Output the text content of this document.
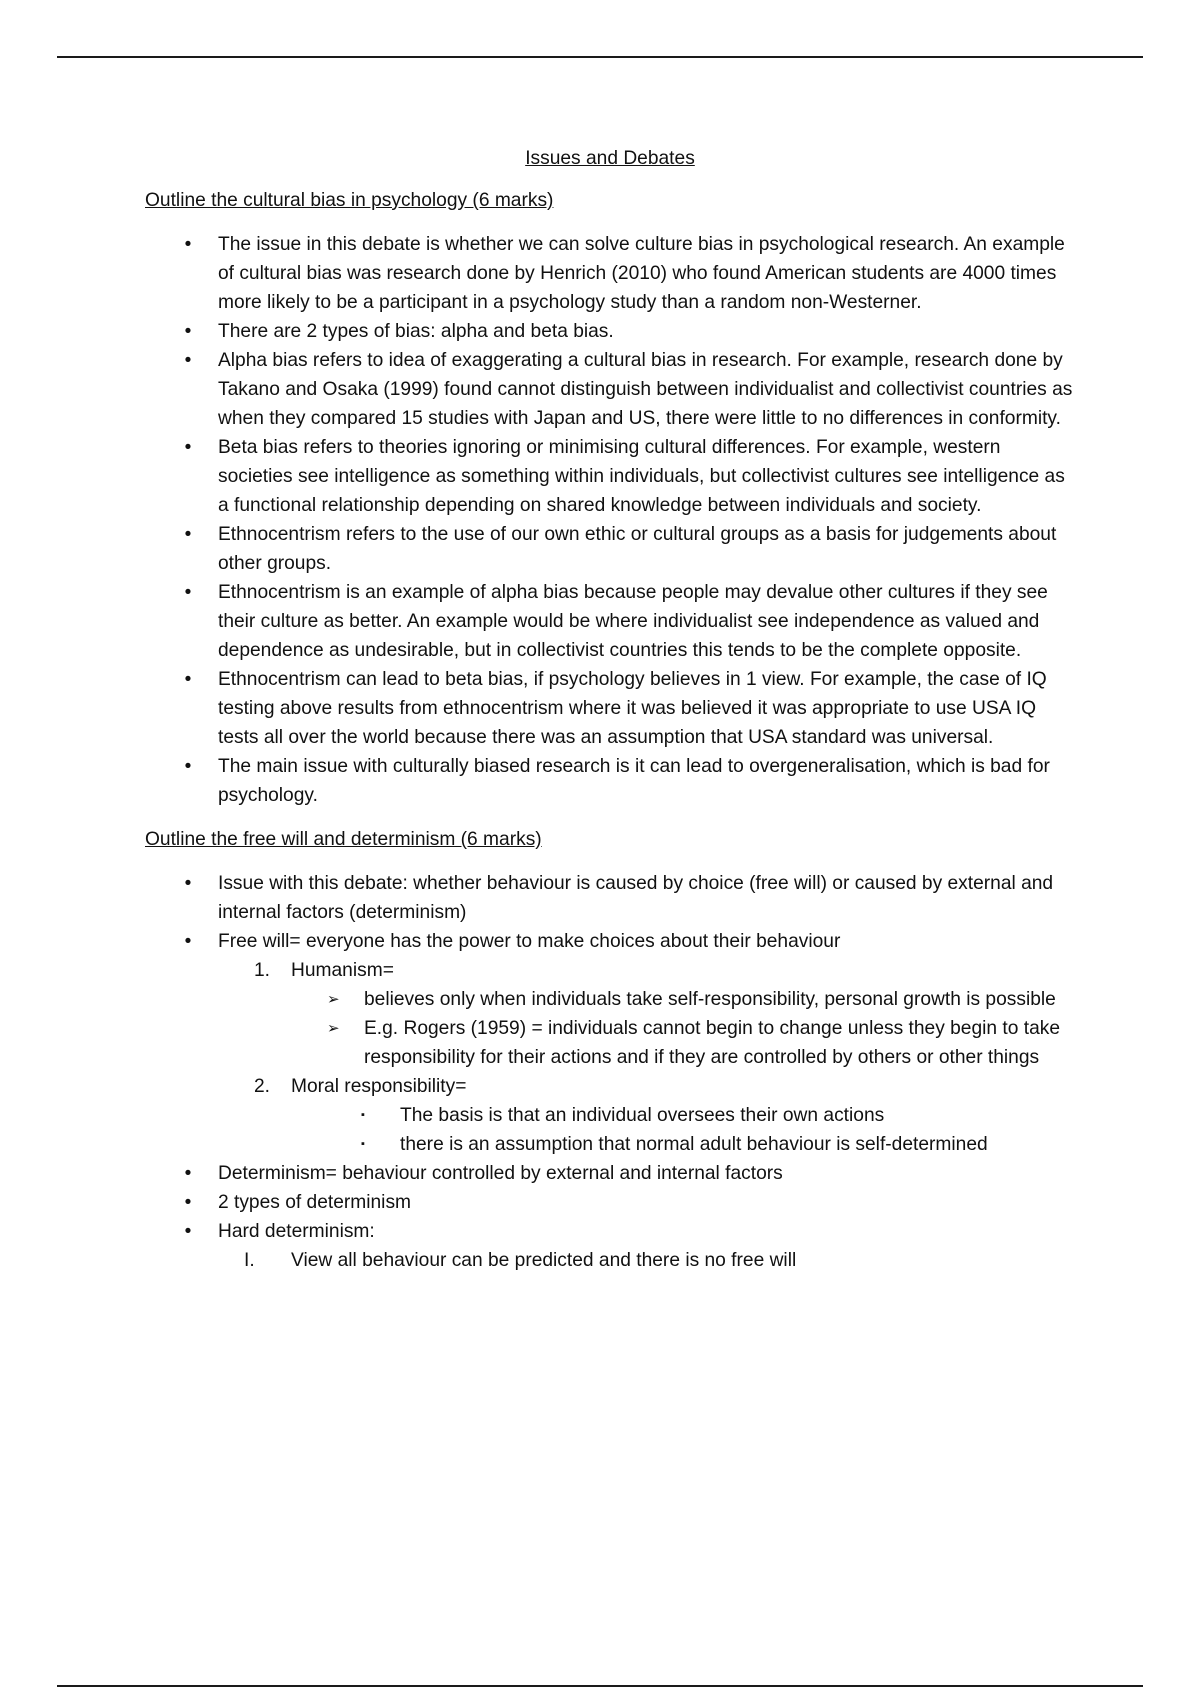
Issues and Debates
Outline the cultural bias in psychology (6 marks)
• The issue in this debate is whether we can solve culture bias in psychological research. An example of cultural bias was research done by Henrich (2010) who found American students are 4000 times more likely to be a participant in a psychology study than a random non-Westerner.
• There are 2 types of bias: alpha and beta bias.
• Alpha bias refers to idea of exaggerating a cultural bias in research. For example, research done by Takano and Osaka (1999) found cannot distinguish between individualist and collectivist countries as when they compared 15 studies with Japan and US, there were little to no differences in conformity.
• Beta bias refers to theories ignoring or minimising cultural differences. For example, western societies see intelligence as something within individuals, but collectivist cultures see intelligence as a functional relationship depending on shared knowledge between individuals and society.
• Ethnocentrism refers to the use of our own ethic or cultural groups as a basis for judgements about other groups.
• Ethnocentrism is an example of alpha bias because people may devalue other cultures if they see their culture as better. An example would be where individualist see independence as valued and dependence as undesirable, but in collectivist countries this tends to be the complete opposite.
• Ethnocentrism can lead to beta bias, if psychology believes in 1 view. For example, the case of IQ testing above results from ethnocentrism where it was believed it was appropriate to use USA IQ tests all over the world because there was an assumption that USA standard was universal.
• The main issue with culturally biased research is it can lead to overgeneralisation, which is bad for psychology.
Outline the free will and determinism (6 marks)
• Issue with this debate: whether behaviour is caused by choice (free will) or caused by external and internal factors (determinism)
• Free will= everyone has the power to make choices about their behaviour
1. Humanism=
➢ believes only when individuals take self-responsibility, personal growth is possible
➢ E.g. Rogers (1959) = individuals cannot begin to change unless they begin to take responsibility for their actions and if they are controlled by others or other things
2. Moral responsibility=
▪ The basis is that an individual oversees their own actions
▪ there is an assumption that normal adult behaviour is self-determined
• Determinism= behaviour controlled by external and internal factors
• 2 types of determinism
• Hard determinism:
I. View all behaviour can be predicted and there is no free will
